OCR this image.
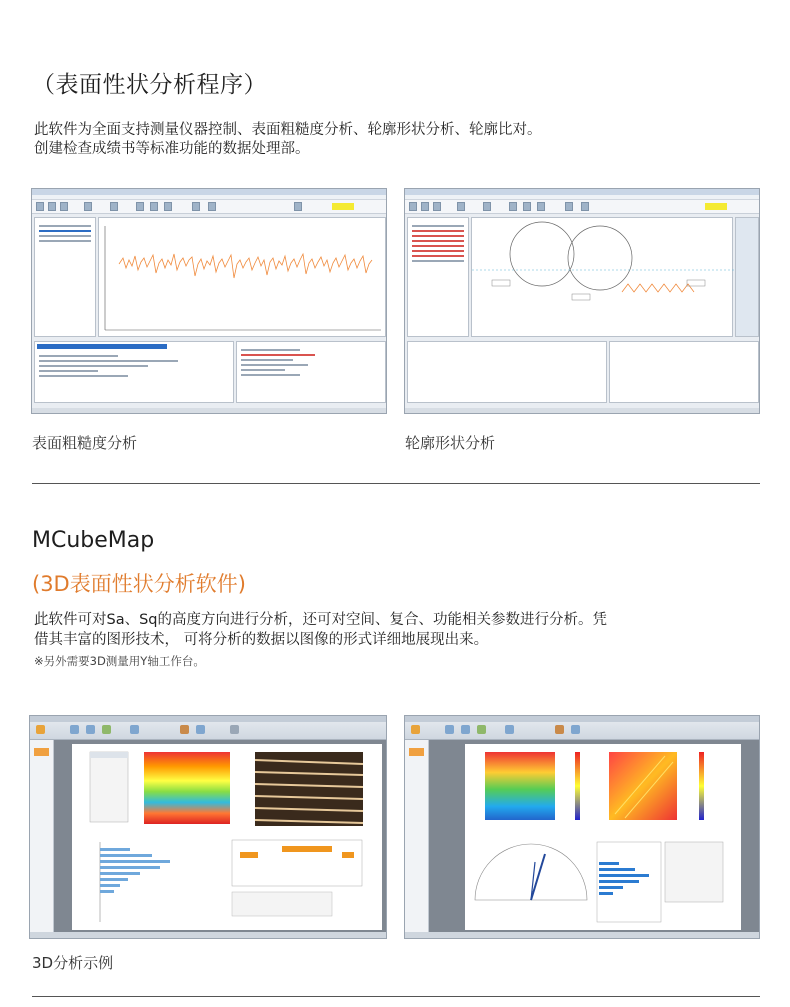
（表面性状分析程序）
此软件为全面支持测量仪器控制、表面粗糙度分析、轮廓形状分析、轮廓比对。
创建检查成绩书等标准功能的数据处理部。
表面粗糙度分析	轮廓形状分析
MCubeMap
(3D表面性状分析软件)
此软件可对Sa、Sq的高度方向进行分析，还可对空间、复合、功能相关参数进行分析。凭
借其丰富的图形技术， 可将分析的数据以图像的形式详细地展现出来。
※另外需要3D测量用Y轴工作台。
3D分析示例
